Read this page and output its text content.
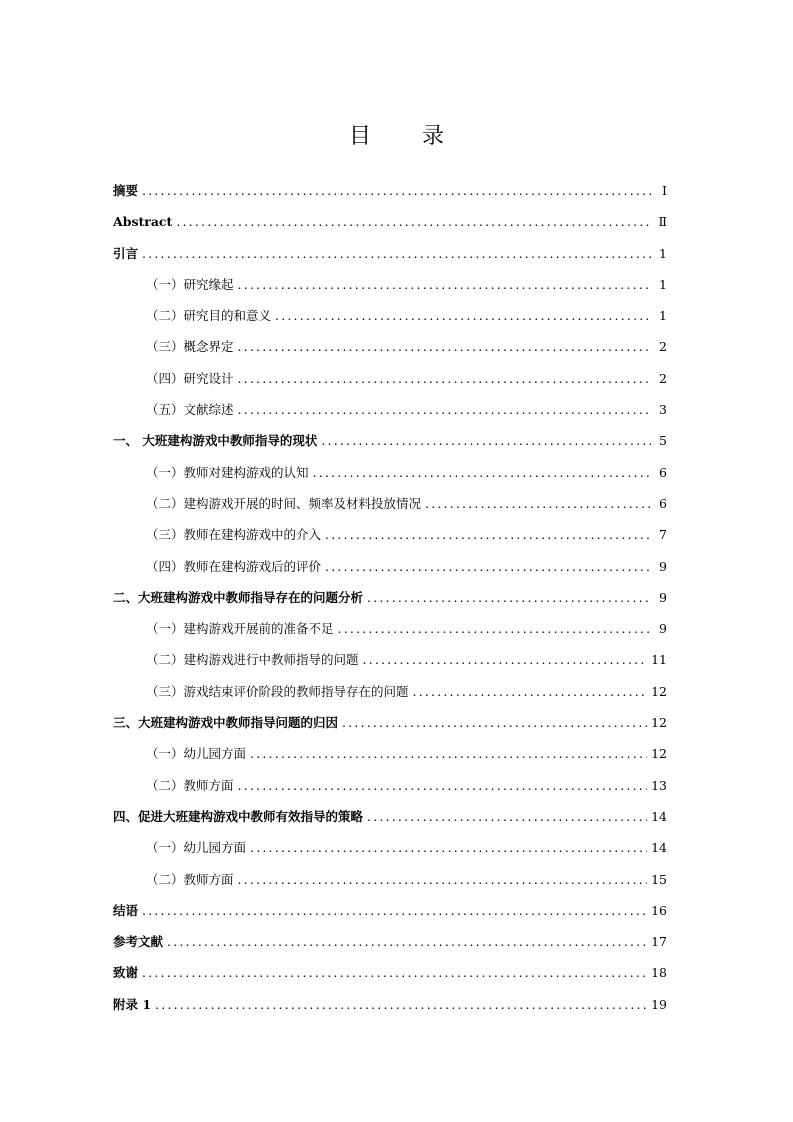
目 录
摘要 .....	Ⅰ
Abstract .....	Ⅱ
引言 .....	1
（一）研究缘起 .....	1
（二）研究目的和意义 .....	1
（三）概念界定 .....	2
（四）研究设计 .....	2
（五）文献综述 .....	3
一、 大班建构游戏中教师指导的现状 .....	5
（一）教师对建构游戏的认知 .....	6
（二）建构游戏开展的时间、频率及材料投放情况 .....	6
（三）教师在建构游戏中的介入 .....	7
（四）教师在建构游戏后的评价 .....	9
二、大班建构游戏中教师指导存在的问题分析 .....	9
（一）建构游戏开展前的准备不足 .....	9
（二）建构游戏进行中教师指导的问题 .....	11
（三）游戏结束评价阶段的教师指导存在的问题 .....	12
三、大班建构游戏中教师指导问题的归因 .....	12
（一）幼儿园方面 .....	12
（二）教师方面 .....	13
四、促进大班建构游戏中教师有效指导的策略 .....	14
（一）幼儿园方面 .....	14
（二）教师方面 .....	15
结语 .....	16
参考文献 .....	17
致谢 .....	18
附录 1 .....	19
